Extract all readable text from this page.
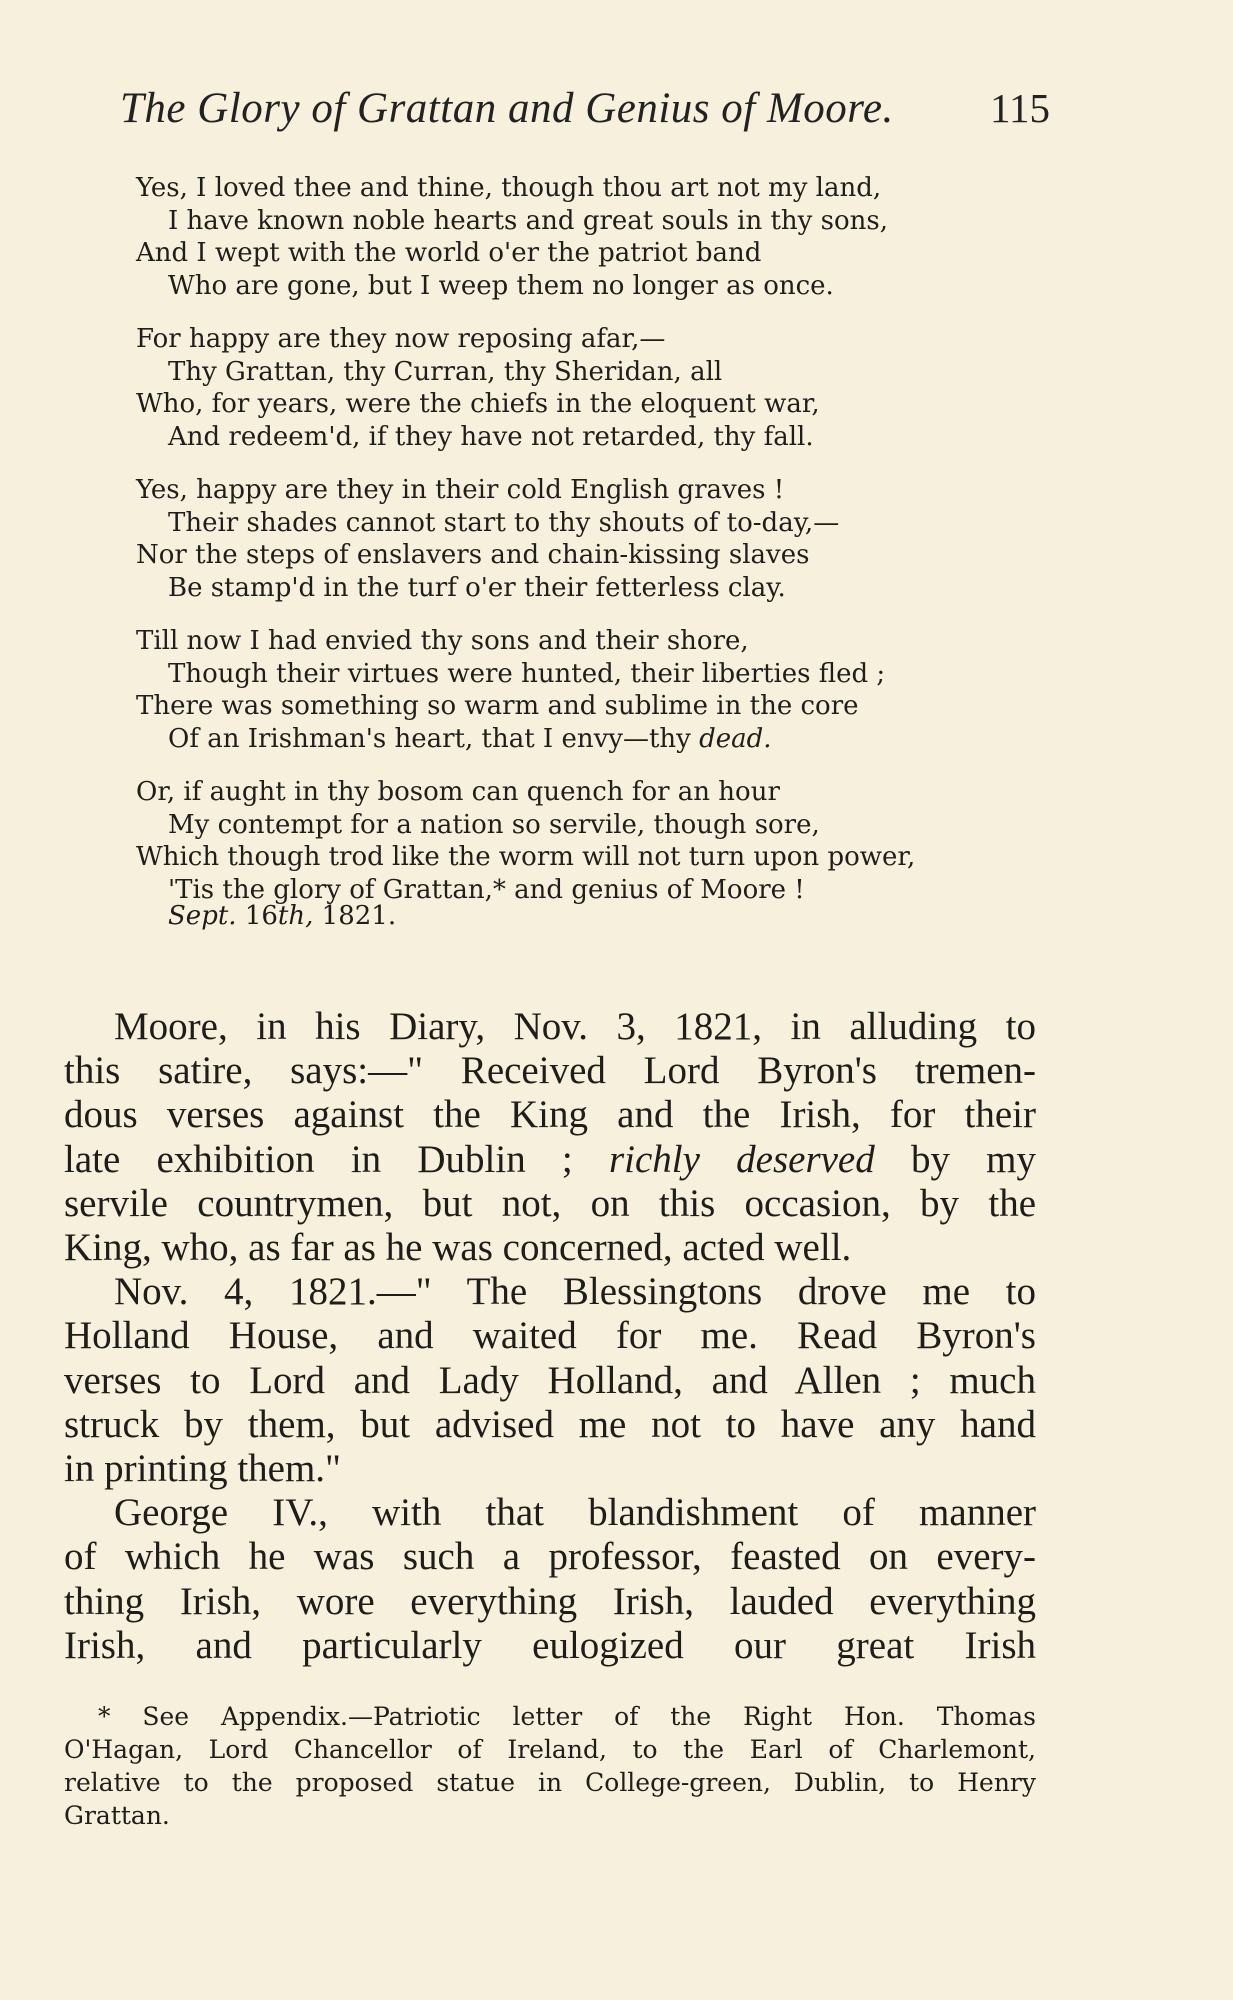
The Glory of Grattan and Genius of Moore. 115
Yes, I loved thee and thine, though thou art not my land,
I have known noble hearts and great souls in thy sons,
And I wept with the world o'er the patriot band
Who are gone, but I weep them no longer as once.
For happy are they now reposing afar,—
Thy Grattan, thy Curran, thy Sheridan, all
Who, for years, were the chiefs in the eloquent war,
And redeem'd, if they have not retarded, thy fall.
Yes, happy are they in their cold English graves !
Their shades cannot start to thy shouts of to-day,—
Nor the steps of enslavers and chain-kissing slaves
Be stamp'd in the turf o'er their fetterless clay.
Till now I had envied thy sons and their shore,
Though their virtues were hunted, their liberties fled ;
There was something so warm and sublime in the core
Of an Irishman's heart, that I envy—thy dead.
Or, if aught in thy bosom can quench for an hour
My contempt for a nation so servile, though sore,
Which though trod like the worm will not turn upon power,
'Tis the glory of Grattan,* and genius of Moore !
Sept. 16th, 1821.

Moore, in his Diary, Nov. 3, 1821, in alluding to
this satire, says:—" Received Lord Byron's tremen-
dous verses against the King and the Irish, for their
late exhibition in Dublin ; richly deserved by my
servile countrymen, but not, on this occasion, by the
King, who, as far as he was concerned, acted well.

Nov. 4, 1821.—" The Blessingtons drove me to
Holland House, and waited for me. Read Byron's
verses to Lord and Lady Holland, and Allen ; much
struck by them, but advised me not to have any hand
in printing them."

George IV., with that blandishment of manner
of which he was such a professor, feasted on every-
thing Irish, wore everything Irish, lauded everything
Irish, and particularly eulogized our great Irish

* See Appendix.—Patriotic letter of the Right Hon. Thomas
O'Hagan, Lord Chancellor of Ireland, to the Earl of Charlemont,
relative to the proposed statue in College-green, Dublin, to Henry
Grattan.
